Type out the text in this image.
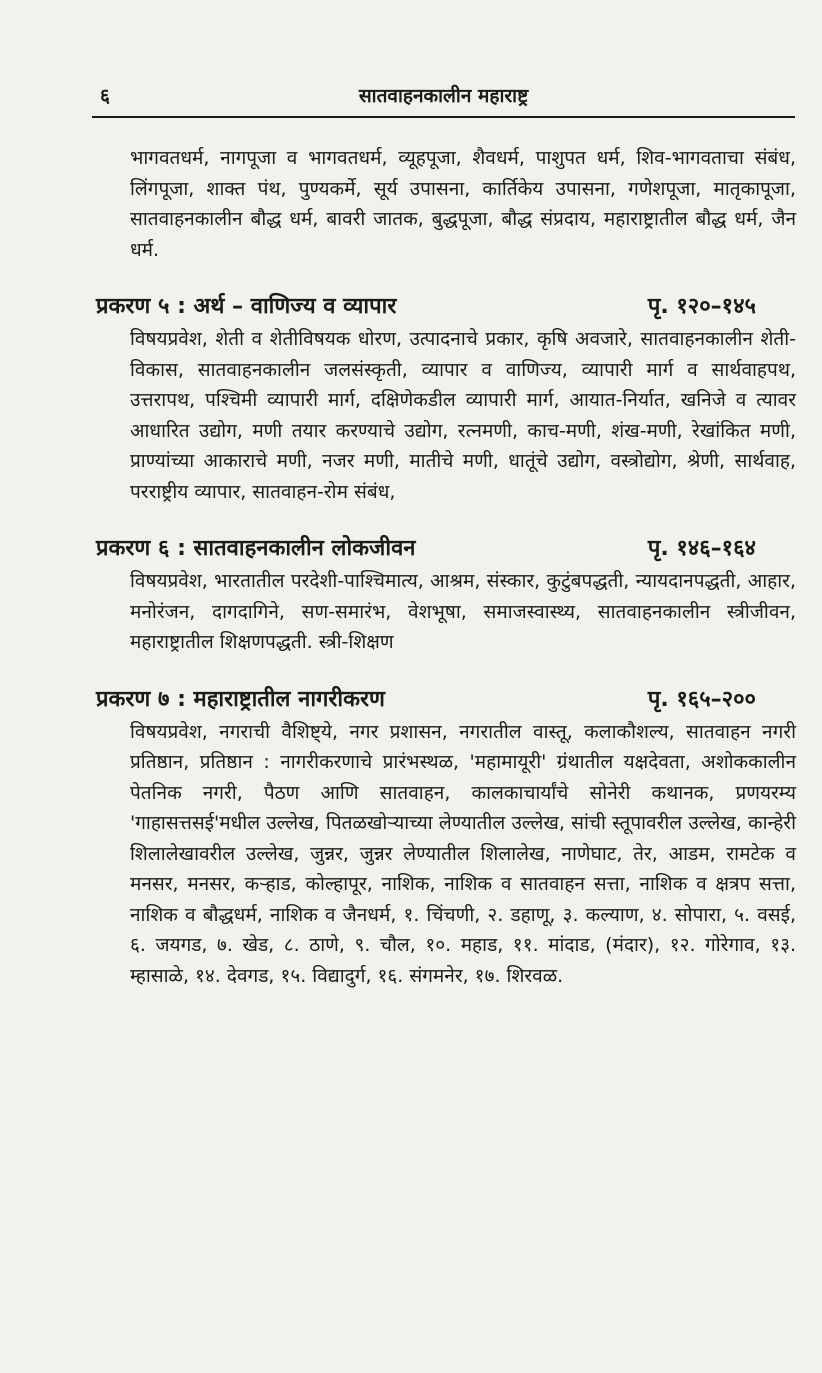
६	सातवाहनकालीन महाराष्ट्र

भागवतधर्म, नागपूजा व भागवतधर्म, व्यूहपूजा, शैवधर्म, पाशुपत धर्म, शिव-भागवताचा संबंध, लिंगपूजा, शाक्त पंथ, पुण्यकर्मे, सूर्य उपासना, कार्तिकेय उपासना, गणेशपूजा, मातृकापूजा, सातवाहनकालीन बौद्ध धर्म, बावरी जातक, बुद्धपूजा, बौद्ध संप्रदाय, महाराष्ट्रातील बौद्ध धर्म, जैन धर्म.

प्रकरण ५ : अर्थ – वाणिज्य व व्यापार	पृ. १२०–१४५

विषयप्रवेश, शेती व शेतीविषयक धोरण, उत्पादनाचे प्रकार, कृषि अवजारे, सातवाहनकालीन शेती-विकास, सातवाहनकालीन जलसंस्कृती, व्यापार व वाणिज्य, व्यापारी मार्ग व सार्थवाहपथ, उत्तरापथ, पश्चिमी व्यापारी मार्ग, दक्षिणेकडील व्यापारी मार्ग, आयात-निर्यात, खनिजे व त्यावर आधारित उद्योग, मणी तयार करण्याचे उद्योग, रत्नमणी, काच-मणी, शंख-मणी, रेखांकित मणी, प्राण्यांच्या आकाराचे मणी, नजर मणी, मातीचे मणी, धातूंचे उद्योग, वस्त्रोद्योग, श्रेणी, सार्थवाह, परराष्ट्रीय व्यापार, सातवाहन-रोम संबंध,

प्रकरण ६ : सातवाहनकालीन लोकजीवन	पृ. १४६–१६४

विषयप्रवेश, भारतातील परदेशी-पाश्चिमात्य, आश्रम, संस्कार, कुटुंबपद्धती, न्यायदानपद्धती, आहार, मनोरंजन, दागदागिने, सण-समारंभ, वेशभूषा, समाजस्वास्थ्य, सातवाहनकालीन स्त्रीजीवन, महाराष्ट्रातील शिक्षणपद्धती. स्त्री-शिक्षण

प्रकरण ७ : महाराष्ट्रातील नागरीकरण	पृ. १६५–२००

विषयप्रवेश, नगराची वैशिष्ट्ये, नगर प्रशासन, नगरातील वास्तू, कलाकौशल्य, सातवाहन नगरी प्रतिष्ठान, प्रतिष्ठान : नागरीकरणाचे प्रारंभस्थळ, 'महामायूरी' ग्रंथातील यक्षदेवता, अशोककालीन पेतनिक नगरी, पैठण आणि सातवाहन, कालकाचार्यांचे सोनेरी कथानक, प्रणयरम्य 'गाहासत्तसई'मधील उल्लेख, पितळखोऱ्याच्या लेण्यातील उल्लेख, सांची स्तूपावरील उल्लेख, कान्हेरी शिलालेखावरील उल्लेख, जुन्नर, जुन्नर लेण्यातील शिलालेख, नाणेघाट, तेर, आडम, रामटेक व मनसर, मनसर, कऱ्हाड, कोल्हापूर, नाशिक, नाशिक व सातवाहन सत्ता, नाशिक व क्षत्रप सत्ता, नाशिक व बौद्धधर्म, नाशिक व जैनधर्म, १. चिंचणी, २. डहाणू, ३. कल्याण, ४. सोपारा, ५. वसई, ६. जयगड, ७. खेड, ८. ठाणे, ९. चौल, १०. महाड, ११. मांदाड, (मंदार), १२. गोरेगाव, १३. म्हासाळे, १४. देवगड, १५. विद्यादुर्ग, १६. संगमनेर, १७. शिरवळ.
